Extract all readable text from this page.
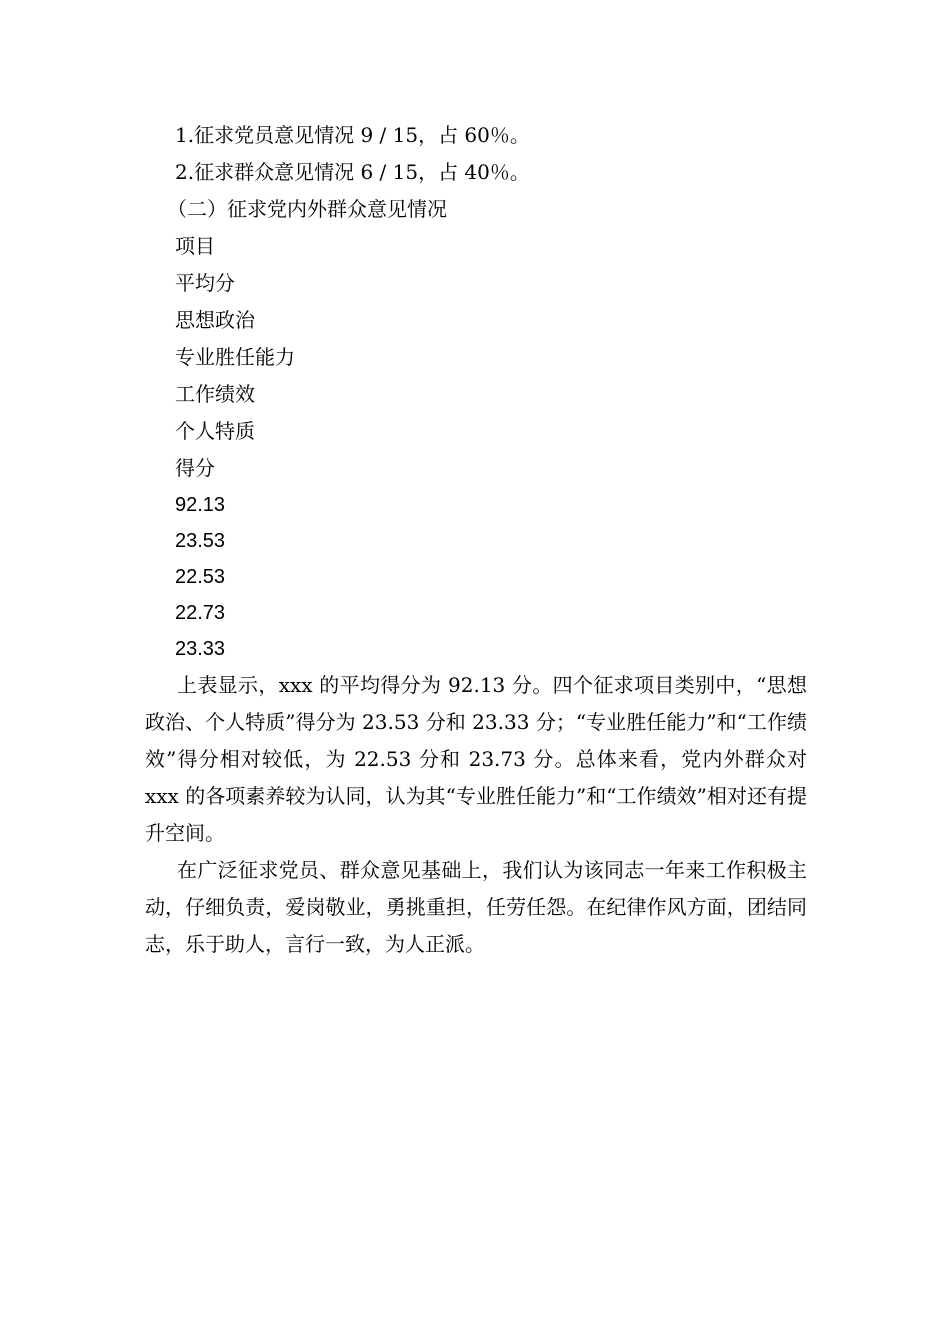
1.征求党员意见情况 9 / 15，占 60％。
2.征求群众意见情况 6 / 15，占 40％。
（二）征求党内外群众意见情况
项目
平均分
思想政治
专业胜任能力
工作绩效
个人特质
得分
92.13
23.53
22.53
22.73
23.33

上表显示，xxx 的平均得分为 92.13 分。四个征求项目类别中，“思想政治、个人特质”得分为 23.53 分和 23.33 分；“专业胜任能力”和“工作绩效”得分相对较低，为 22.53 分和 23.73 分。总体来看，党内外群众对 xxx 的各项素养较为认同，认为其“专业胜任能力”和“工作绩效”相对还有提升空间。

在广泛征求党员、群众意见基础上，我们认为该同志一年来工作积极主动，仔细负责，爱岗敬业，勇挑重担，任劳任怨。在纪律作风方面，团结同志，乐于助人，言行一致，为人正派。
